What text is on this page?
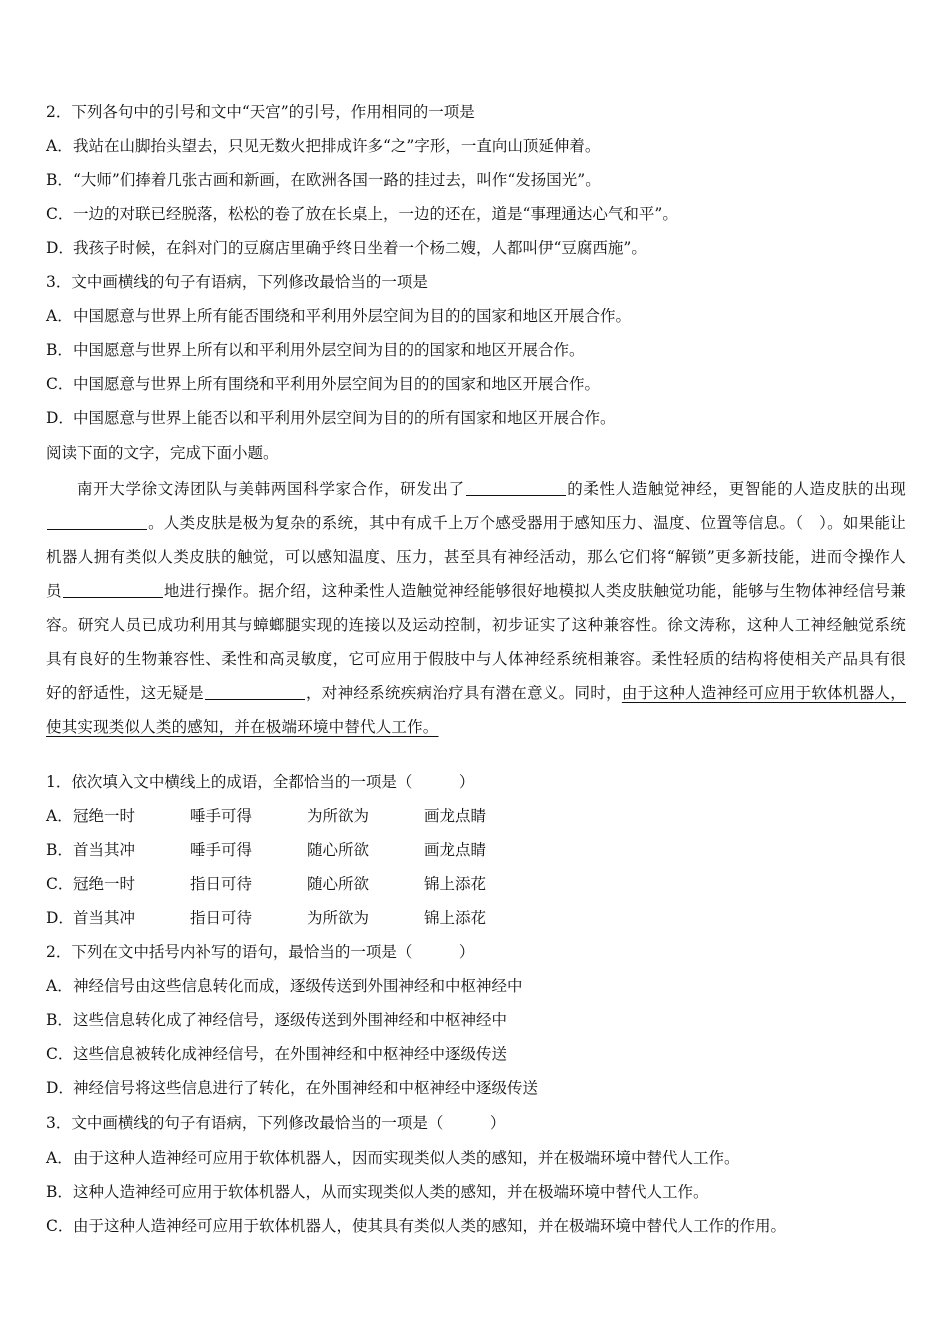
2．下列各句中的引号和文中“天宫”的引号，作用相同的一项是
A．我站在山脚抬头望去，只见无数火把排成许多“之”字形，一直向山顶延伸着。
B．“大师”们捧着几张古画和新画，在欧洲各国一路的挂过去，叫作“发扬国光”。
C．一边的对联已经脱落，松松的卷了放在长桌上，一边的还在，道是“事理通达心气和平”。
D．我孩子时候，在斜对门的豆腐店里确乎终日坐着一个杨二嫂，人都叫伊“豆腐西施”。
3．文中画横线的句子有语病，下列修改最恰当的一项是
A．中国愿意与世界上所有能否围绕和平利用外层空间为目的的国家和地区开展合作。
B．中国愿意与世界上所有以和平利用外层空间为目的的国家和地区开展合作。
C．中国愿意与世界上所有围绕和平利用外层空间为目的的国家和地区开展合作。
D．中国愿意与世界上能否以和平利用外层空间为目的的所有国家和地区开展合作。
阅读下面的文字，完成下面小题。
南开大学徐文涛团队与美韩两国科学家合作，研发出了	的柔性人造触觉神经，更智能的人造皮肤的出现。人类皮肤是极为复杂的系统，其中有成千上万个感受器用于感知压力、温度、位置等信息。（　）。如果能让机器人拥有类似人类皮肤的触觉，可以感知温度、压力，甚至具有神经活动，那么它们将“解锁”更多新技能，进而令操作人员	地进行操作。据介绍，这种柔性人造触觉神经能够很好地模拟人类皮肤触觉功能，能够与生物体神经信号兼容。研究人员已成功利用其与蟑螂腿实现的连接以及运动控制，初步证实了这种兼容性。徐文涛称，这种人工神经触觉系统具有良好的生物兼容性、柔性和高灵敏度，它可应用于假肢中与人体神经系统相兼容。柔性轻质的结构将使相关产品具有很好的舒适性，这无疑是	，对神经系统疾病治疗具有潜在意义。同时，由于这种人造神经可应用于软体机器人，使其实现类似人类的感知，并在极端环境中替代人工作。
1．依次填入文中横线上的成语，全都恰当的一项是（　　　）
A．冠绝一时	唾手可得	为所欲为	画龙点睛
B．首当其冲	唾手可得	随心所欲	画龙点睛
C．冠绝一时	指日可待	随心所欲	锦上添花
D．首当其冲	指日可待	为所欲为	锦上添花
2．下列在文中括号内补写的语句，最恰当的一项是（　　　）
A．神经信号由这些信息转化而成，逐级传送到外围神经和中枢神经中
B．这些信息转化成了神经信号，逐级传送到外围神经和中枢神经中
C．这些信息被转化成神经信号，在外围神经和中枢神经中逐级传送
D．神经信号将这些信息进行了转化，在外围神经和中枢神经中逐级传送
3．文中画横线的句子有语病，下列修改最恰当的一项是（　　　）
A．由于这种人造神经可应用于软体机器人，因而实现类似人类的感知，并在极端环境中替代人工作。
B．这种人造神经可应用于软体机器人，从而实现类似人类的感知，并在极端环境中替代人工作。
C．由于这种人造神经可应用于软体机器人，使其具有类似人类的感知，并在极端环境中替代人工作的作用。
